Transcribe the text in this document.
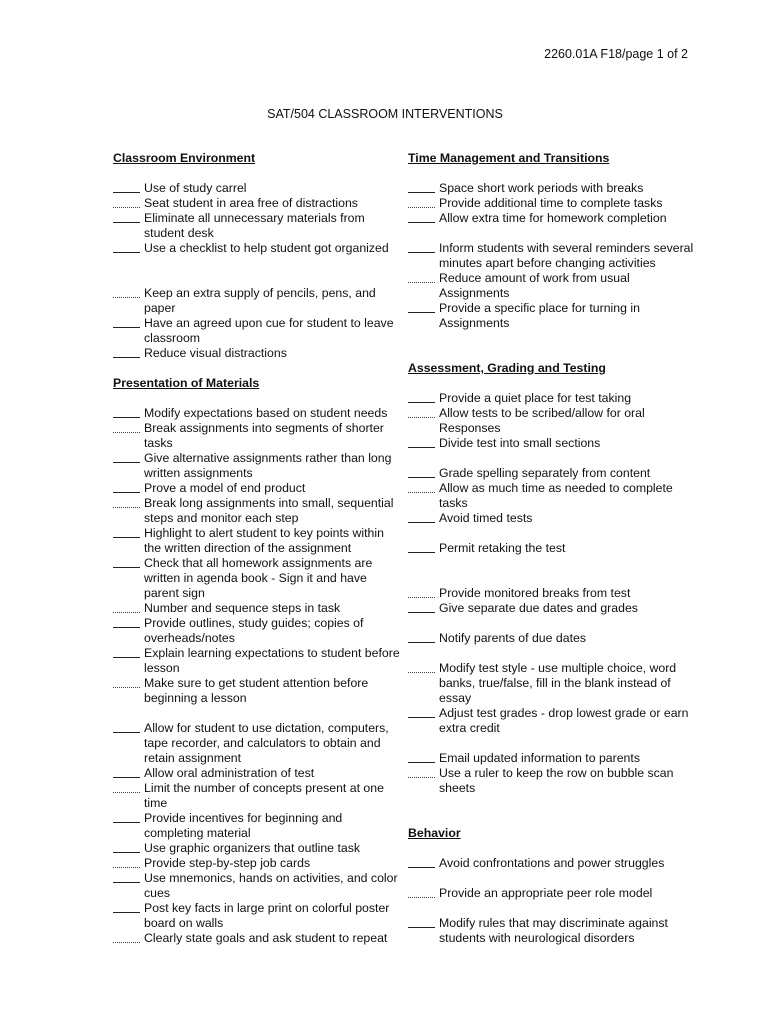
2260.01A F18/page 1 of 2
SAT/504 CLASSROOM INTERVENTIONS
Classroom Environment
Use of study carrel
Seat student in area free of distractions
Eliminate all unnecessary materials from student desk
Use a checklist to help student got organized
Keep an extra supply of pencils, pens, and paper
Have an agreed upon cue for student to leave classroom
Reduce visual distractions
Presentation of Materials
Modify expectations based on student needs
Break assignments into segments of shorter tasks
Give alternative assignments rather than long written assignments
Prove a model of end product
Break long assignments into small, sequential steps and monitor each step
Highlight to alert student to key points within the written direction of the assignment
Check that all homework assignments are written in agenda book - Sign it and have parent sign
Number and sequence steps in task
Provide outlines, study guides; copies of overheads/notes
Explain learning expectations to student before lesson
Make sure to get student attention before beginning a lesson
Allow for student to use dictation, computers, tape recorder, and calculators to obtain and retain assignment
Allow oral administration of test
Limit the number of concepts present at one time
Provide incentives for beginning and completing material
Use graphic organizers that outline task
Provide step-by-step job cards
Use mnemonics, hands on activities, and color cues
Post key facts in large print on colorful poster board on walls
Clearly state goals and ask student to repeat
Time Management and Transitions
Space short work periods with breaks
Provide additional time to complete tasks
Allow extra time for homework completion
Inform students with several reminders several minutes apart before changing activities
Reduce amount of work from usual Assignments
Provide a specific place for turning in Assignments
Assessment, Grading and Testing
Provide a quiet place for test taking
Allow tests to be scribed/allow for oral Responses
Divide test into small sections
Grade spelling separately from content
Allow as much time as needed to complete tasks
Avoid timed tests
Permit retaking the test
Provide monitored breaks from test
Give separate due dates and grades
Notify parents of due dates
Modify test style - use multiple choice, word banks, true/false, fill in the blank instead of essay
Adjust test grades - drop lowest grade or earn extra credit
Email updated information to parents
Use a ruler to keep the row on bubble scan sheets
Behavior
Avoid confrontations and power struggles
Provide an appropriate peer role model
Modify rules that may discriminate against students with neurological disorders
